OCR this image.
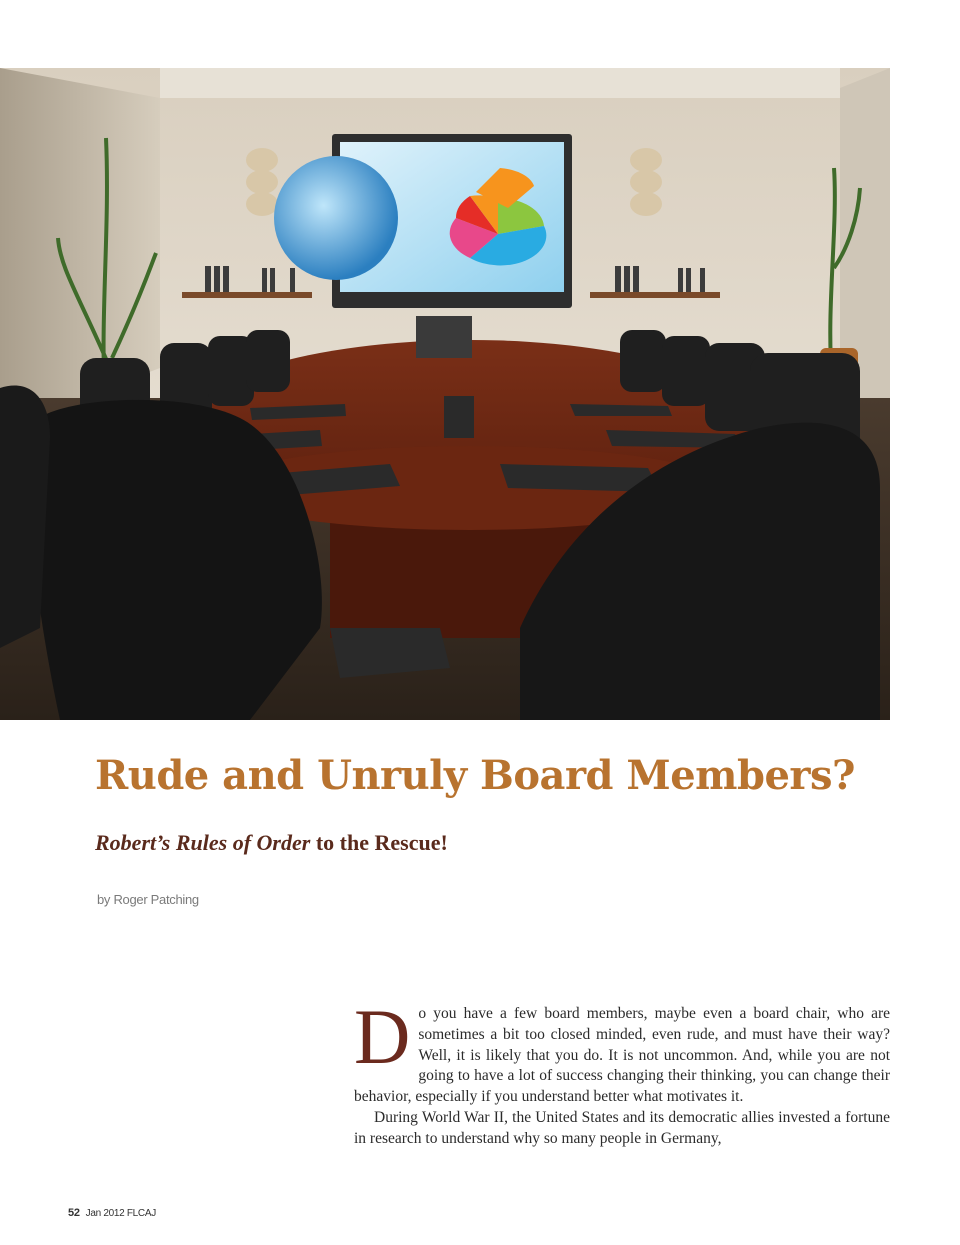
Rude and Unruly Board Members?
Robert’s Rules of Order to the Rescue!
by Roger Patching

Do you have a few board members, maybe even a board chair, who are sometimes a bit too closed minded, even rude, and must have their way? Well, it is likely that you do. It is not uncommon. And, while you are not going to have a lot of success changing their thinking, you can change their behavior, especially if you understand better what motivates it.

During World War II, the United States and its democratic allies invested a fortune in research to understand why so many people in Germany,

52 Jan 2012 FLCAJ
